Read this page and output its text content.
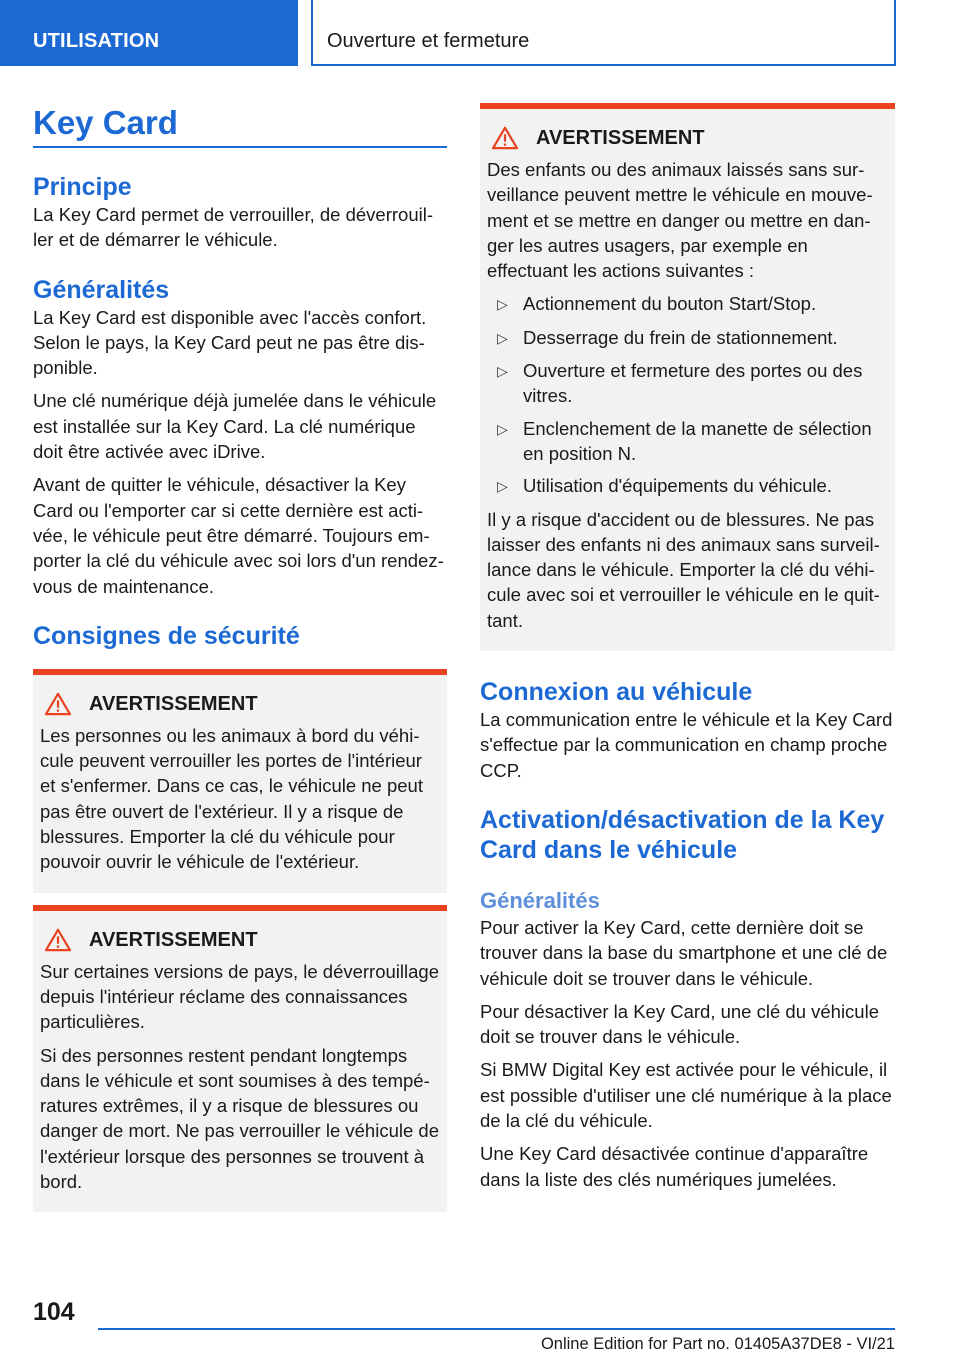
UTILISATION	Ouverture et fermeture
Key Card
Principe

La Key Card permet de verrouiller, de déverrouiller et de démarrer le véhicule.

Généralités

La Key Card est disponible avec l'accès confort. Selon le pays, la Key Card peut ne pas être disponible.

Une clé numérique déjà jumelée dans le véhicule est installée sur la Key Card. La clé numérique doit être activée avec iDrive.

Avant de quitter le véhicule, désactiver la Key Card ou l'emporter car si cette dernière est activée, le véhicule peut être démarré. Toujours emporter la clé du véhicule avec soi lors d'un rendez-vous de maintenance.

Consignes de sécurité
AVERTISSEMENT

Les personnes ou les animaux à bord du véhicule peuvent verrouiller les portes de l'intérieur et s'enfermer. Dans ce cas, le véhicule ne peut pas être ouvert de l'extérieur. Il y a risque de blessures. Emporter la clé du véhicule pour pouvoir ouvrir le véhicule de l'extérieur.

AVERTISSEMENT

Sur certaines versions de pays, le déverrouillage depuis l'intérieur réclame des connaissances particulières.

Si des personnes restent pendant longtemps dans le véhicule et sont soumises à des températures extrêmes, il y a risque de blessures ou danger de mort. Ne pas verrouiller le véhicule de l'extérieur lorsque des personnes se trouvent à bord.

AVERTISSEMENT

Des enfants ou des animaux laissés sans surveillance peuvent mettre le véhicule en mouvement et se mettre en danger ou mettre en danger les autres usagers, par exemple en effectuant les actions suivantes :

▷ Actionnement du bouton Start/Stop.
▷ Desserrage du frein de stationnement.
▷ Ouverture et fermeture des portes ou des vitres.
▷ Enclenchement de la manette de sélection en position N.
▷ Utilisation d'équipements du véhicule.

Il y a risque d'accident ou de blessures. Ne pas laisser des enfants ni des animaux sans surveillance dans le véhicule. Emporter la clé du véhicule avec soi et verrouiller le véhicule en le quittant.

Connexion au véhicule

La communication entre le véhicule et la Key Card s'effectue par la communication en champ proche CCP.

Activation/désactivation de la Key Card dans le véhicule
Généralités

Pour activer la Key Card, cette dernière doit se trouver dans la base du smartphone et une clé de véhicule doit se trouver dans le véhicule.

Pour désactiver la Key Card, une clé du véhicule doit se trouver dans le véhicule.

Si BMW Digital Key est activée pour le véhicule, il est possible d'utiliser une clé numérique à la place de la clé du véhicule.

Une Key Card désactivée continue d'apparaître dans la liste des clés numériques jumelées.

104
Online Edition for Part no. 01405A37DE8 - VI/21
